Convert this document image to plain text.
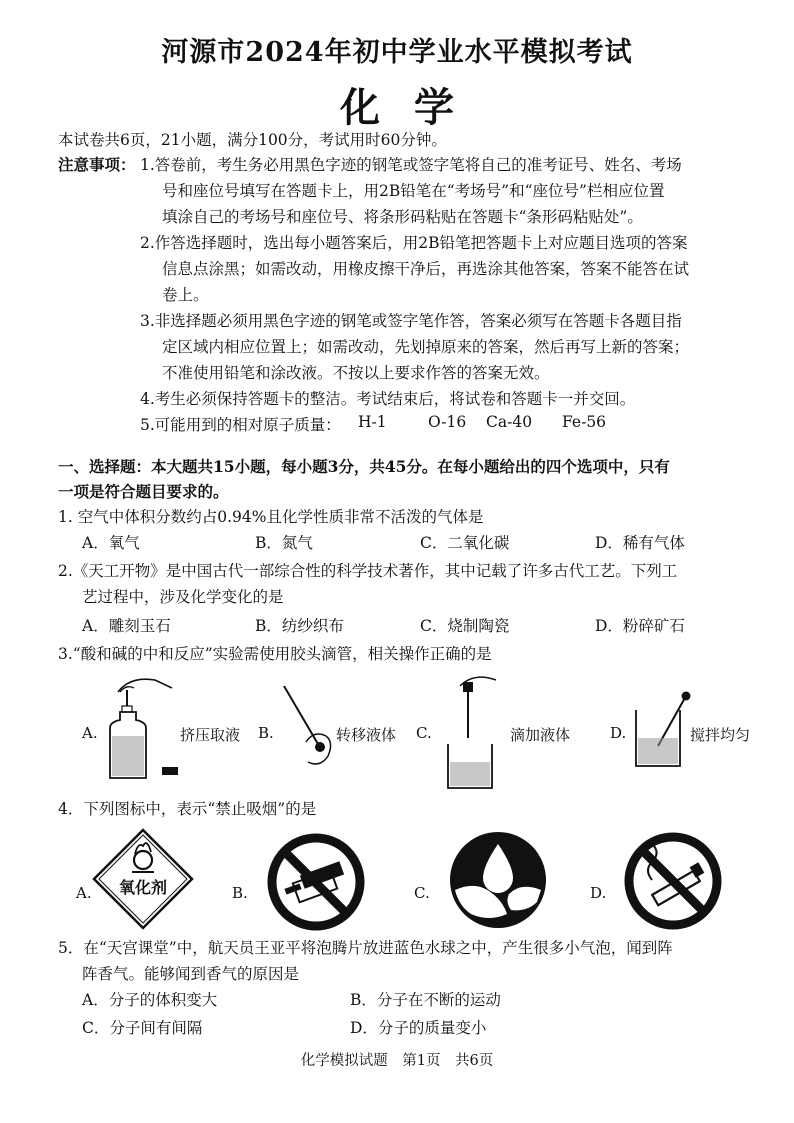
河源市2024年初中学业水平模拟考试
化学
本试卷共6页，21小题，满分100分，考试用时60分钟。
注意事项： 1.答卷前，考生务必用黑色字迹的钢笔或签字笔将自己的准考证号、姓名、考场
号和座位号填写在答题卡上，用2B铅笔在“考场号”和“座位号”栏相应位置
填涂自己的考场号和座位号、将条形码粘贴在答题卡“条形码粘贴处”。
2.作答选择题时，选出每小题答案后，用2B铅笔把答题卡上对应题目选项的答案
信息点涂黑；如需改动，用橡皮擦干净后，再选涂其他答案，答案不能答在试
卷上。
3.非选择题必须用黑色字迹的钢笔或签字笔作答，答案必须写在答题卡各题目指
定区域内相应位置上；如需改动，先划掉原来的答案，然后再写上新的答案；
不准使用铅笔和涂改液。不按以上要求作答的答案无效。
4.考生必须保持答题卡的整洁。考试结束后，将试卷和答题卡一并交回。
5.可能用到的相对原子质量： H-1	O-16 Ca-40 Fe-56
一、选择题：本大题共15小题，每小题3分，共45分。在每小题给出的四个选项中，只有
一项是符合题目要求的。
1. 空气中体积分数约占0.94%且化学性质非常不活泼的气体是
A．氧气	B．氮气	C．二氧化碳	D．稀有气体
2.《天工开物》是中国古代一部综合性的科学技术著作，其中记载了许多古代工艺。下列工
艺过程中，涉及化学变化的是
A．雕刻玉石	B．纺纱织布	C．烧制陶瓷	D．粉碎矿石
3.“酸和碱的中和反应”实验需使用胶头滴管，相关操作正确的是
A.	挤压取液 B.	转移液体 C.	滴加液体	D.	搅拌均匀
4．下列图标中，表示“禁止吸烟”的是
A.	氧化剂	B.	C.	D.
5．在“天宫课堂”中，航天员王亚平将泡腾片放进蓝色水球之中，产生很多小气泡，闻到阵
阵香气。能够闻到香气的原因是
A．分子的体积变大	B．分子在不断的运动
C．分子间有间隔	D．分子的质量变小
化学模拟试题　第1页　共6页
